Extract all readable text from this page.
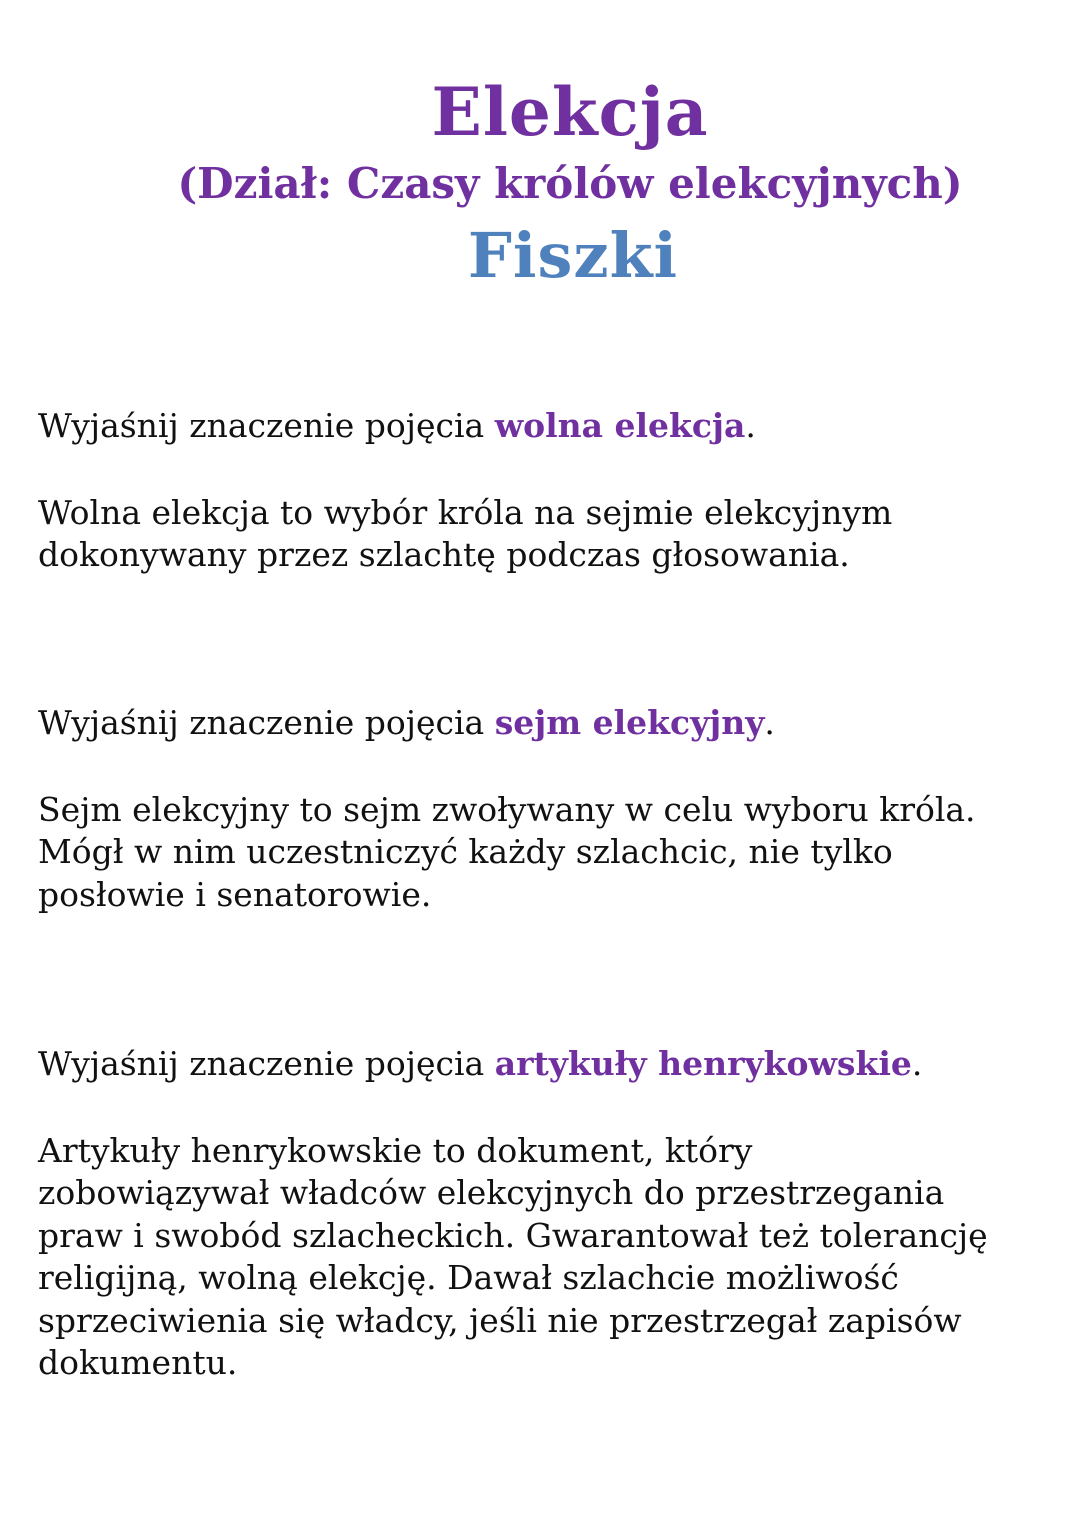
Elekcja
(Dział: Czasy królów elekcyjnych)
Fiszki

Wyjaśnij znaczenie pojęcia wolna elekcja.

Wolna elekcja to wybór króla na sejmie elekcyjnym
dokonywany przez szlachtę podczas głosowania.

Wyjaśnij znaczenie pojęcia sejm elekcyjny.

Sejm elekcyjny to sejm zwoływany w celu wyboru króla.
Mógł w nim uczestniczyć każdy szlachcic, nie tylko
posłowie i senatorowie.

Wyjaśnij znaczenie pojęcia artykuły henrykowskie.

Artykuły henrykowskie to dokument, który
zobowiązywał władców elekcyjnych do przestrzegania
praw i swobód szlacheckich. Gwarantował też tolerancję
religijną, wolną elekcję. Dawał szlachcie możliwość
sprzeciwienia się władcy, jeśli nie przestrzegał zapisów
dokumentu.
